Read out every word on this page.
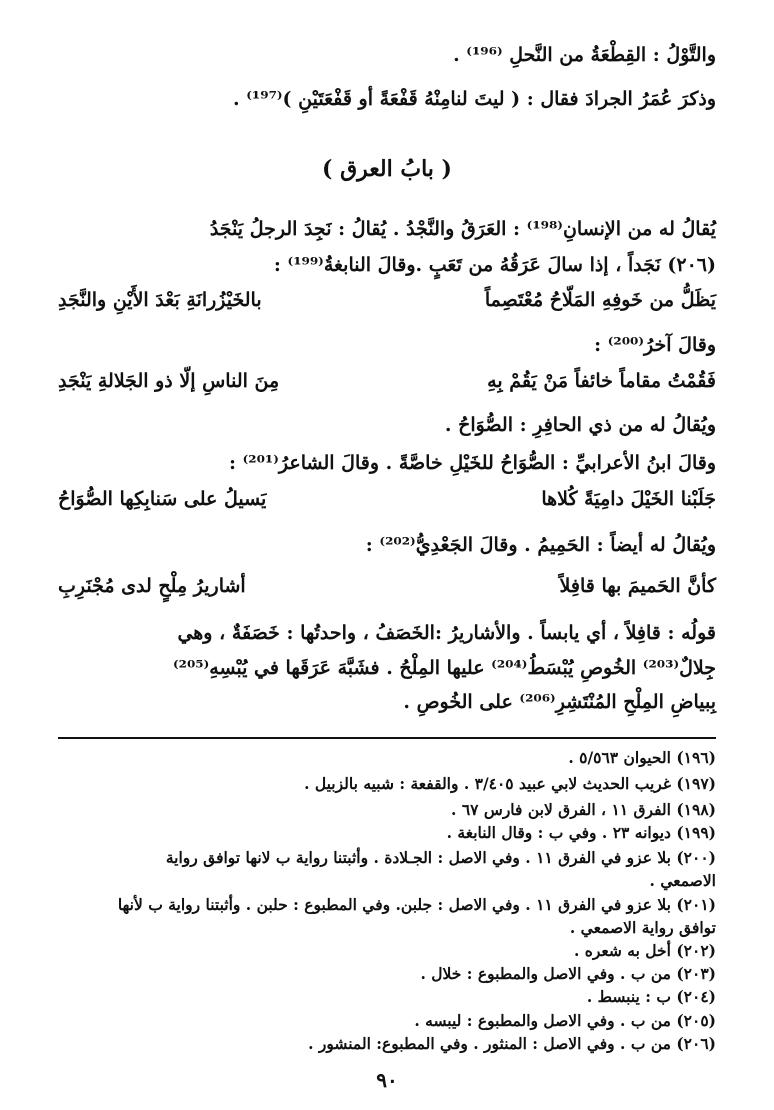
والتَّوْلُ : القِطْعَةُ من النَّحلِ ⁽¹⁹⁶⁾ .
وذكرَ عُمَرُ الجرادَ فقال : ( ليتَ لنامِنْهُ قَفْعَةً أو قَفْعَتَيْنِ )⁽¹⁹⁷⁾ .
( بابُ العرق )
يُقالُ له من الإنسانِ⁽¹⁹⁸⁾ : العَرَقُ والنَّجْدُ . يُقالُ : نَجِدَ الرجلُ يَنْجَدُ
(٢٠٦) نَجَداً ، إذا سالَ عَرَقُهُ من تَعَبٍ .وقالَ النابغةُ⁽¹⁹⁹⁾ :
يَظَلُّ من خَوفِهِ المَلّاحُ مُعْتَصِماً
بالخَيْزُرانَةِ بَعْدَ الأَيْنِ والنَّجَدِ
وقالَ آخرُ⁽²⁰⁰⁾ :
فَقُمْتُ مقاماً خائفاً مَنْ يَقُمْ بِهِ
مِنَ الناسِ إلّا ذو الجَلالةِ يَنْجَدِ
ويُقالُ له من ذي الحافِرِ : الصُّوَاحُ .
وقالَ ابنُ الأعرابيِّ : الصُّوَاحُ للخَيْلِ خاصَّةً . وقالَ الشاعرُ⁽²⁰¹⁾ :
جَلَبْنا الخَيْلَ دامِيَةً كُلاها
يَسيلُ على سَنابِكِها الصُّوَاحُ
ويُقالُ له أيضاً : الحَمِيمُ . وقالَ الجَعْدِيُّ⁽²⁰²⁾ :
كأنَّ الحَميمَ بها قافِلاً
أشاريرُ مِلْحٍ لدى مُجْنَرِبِ
قولُه : قافِلاً ، أي يابساً . والأشاريرُ :الخَصَفُ ، واحدتُها : خَصَفَةٌ ، وهي
جِلالٌ⁽²⁰³⁾ الخُوصِ يُبْسَطُ⁽²⁰⁴⁾ عليها المِلْحُ . فشَبَّهَ عَرَقَها في يُبْسِهِ⁽²⁰⁵⁾
بِبياضِ المِلْحِ المُنْتَشِرِ⁽²⁰⁶⁾ على الخُوصِ .
(١٩٦) الحيوان ٥/٥٦٣ .
(١٩٧) غريب الحديث لابي عبيد ٣/٤٠٥ . والقفعة : شبيه بالزبيل .
(١٩٨) الفرق ١١ ، الفرق لابن فارس ٦٧ .
(١٩٩) ديوانه ٢٣ . وفي ب : وقال النابغة .
(٢٠٠) بلا عزو في الفرق ١١ . وفي الاصل : الجـلادة . وأثبتنا رواية ب لانها توافق رواية
الاصمعي .
(٢٠١) بلا عزو في الفرق ١١ . وفي الاصل : جلبن. وفي المطبوع : حلبن . وأثبتنا رواية ب لأنها
توافق رواية الاصمعي .
(٢٠٢) أخل به شعره .
(٢٠٣) من ب . وفي الاصل والمطبوع : خلال .
(٢٠٤) ب : ينبسط .
(٢٠٥) من ب . وفي الاصل والمطبوع : ليبسه .
(٢٠٦) من ب . وفي الاصل : المنثور . وفي المطبوع: المنشور .
٩٠
